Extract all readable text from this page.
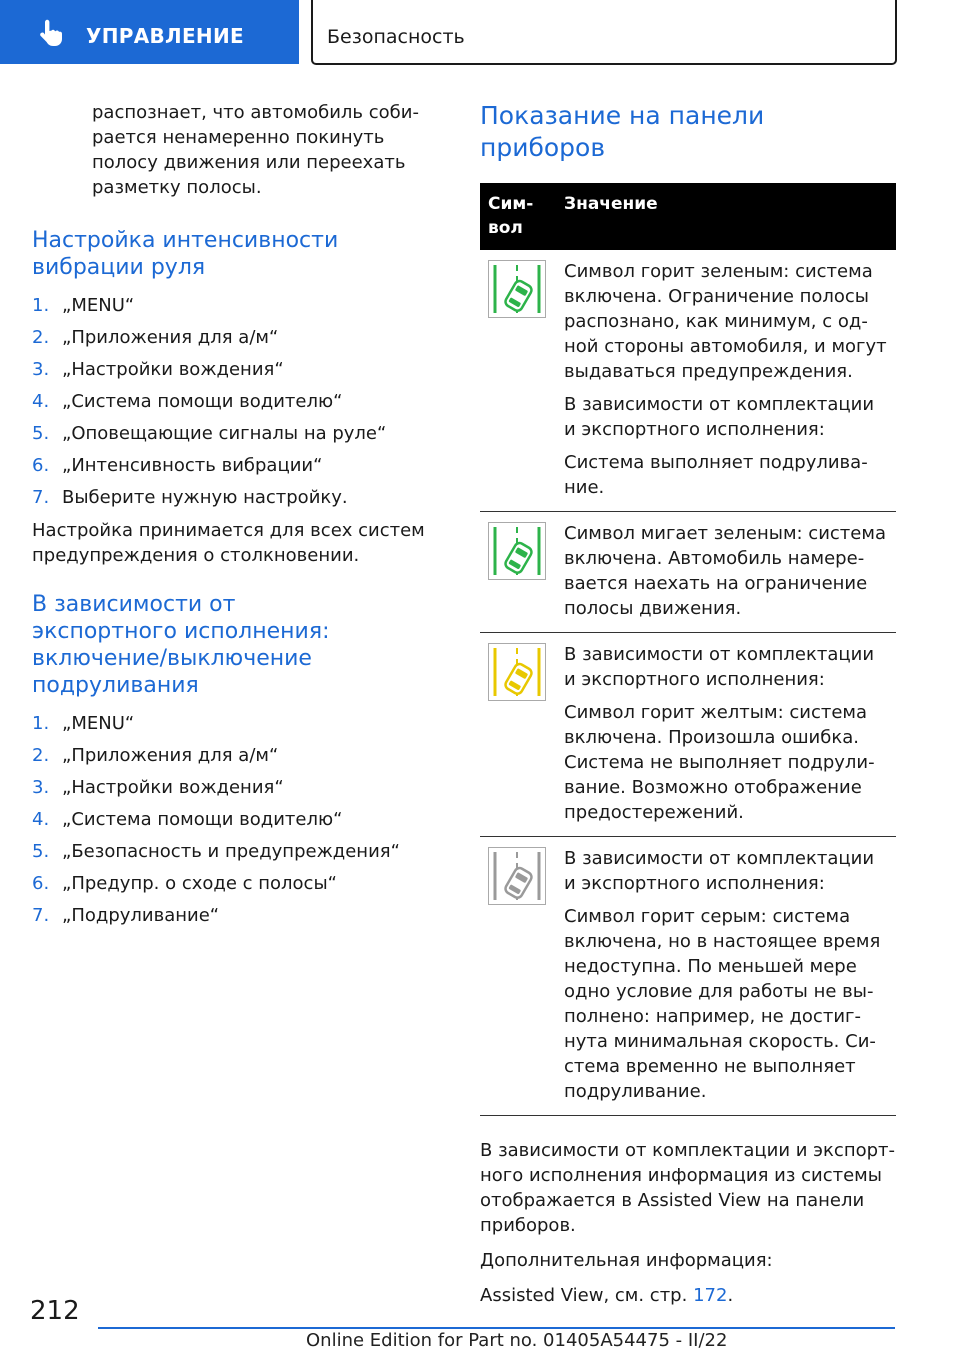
УПРАВЛЕНИЕ	Безопасность

распознает, что автомобиль собирается ненамеренно покинуть полосу движения или переехать разметку полосы.

Настройка интенсивности вибрации руля
1. „MENU“
2. „Приложения для а/м“
3. „Настройки вождения“
4. „Система помощи водителю“
5. „Оповещающие сигналы на руле“
6. „Интенсивность вибрации“
7. Выберите нужную настройку.

Настройка принимается для всех систем предупреждения о столкновении.

В зависимости от экспортного исполнения: включение/выключение подруливания
1. „MENU“
2. „Приложения для а/м“
3. „Настройки вождения“
4. „Система помощи водителю“
5. „Безопасность и предупреждения“
6. „Предупр. о сходе с полосы“
7. „Подруливание“
Показание на панели приборов
Символ	Значение

Символ горит зеленым: система включена. Ограничение полосы распознано, как минимум, с одной стороны автомобиля, и могут выдаваться предупреждения.

В зависимости от комплектации и экспортного исполнения:

Система выполняет подруливание.

Символ мигает зеленым: система включена. Автомобиль намеревается наехать на ограничение полосы движения.

В зависимости от комплектации и экспортного исполнения:

Символ горит желтым: система включена. Произошла ошибка. Система не выполняет подруливание. Возможно отображение предостережений.

В зависимости от комплектации и экспортного исполнения:

Символ горит серым: система включена, но в настоящее время недоступна. По меньшей мере одно условие для работы не выполнено: например, не достигнута минимальная скорость. Система временно не выполняет подруливание.

В зависимости от комплектации и экспортного исполнения информация из системы отображается в Assisted View на панели приборов.

Дополнительная информация:

Assisted View, см. стр. 172.

212
Online Edition for Part no. 01405A54475 - II/22
